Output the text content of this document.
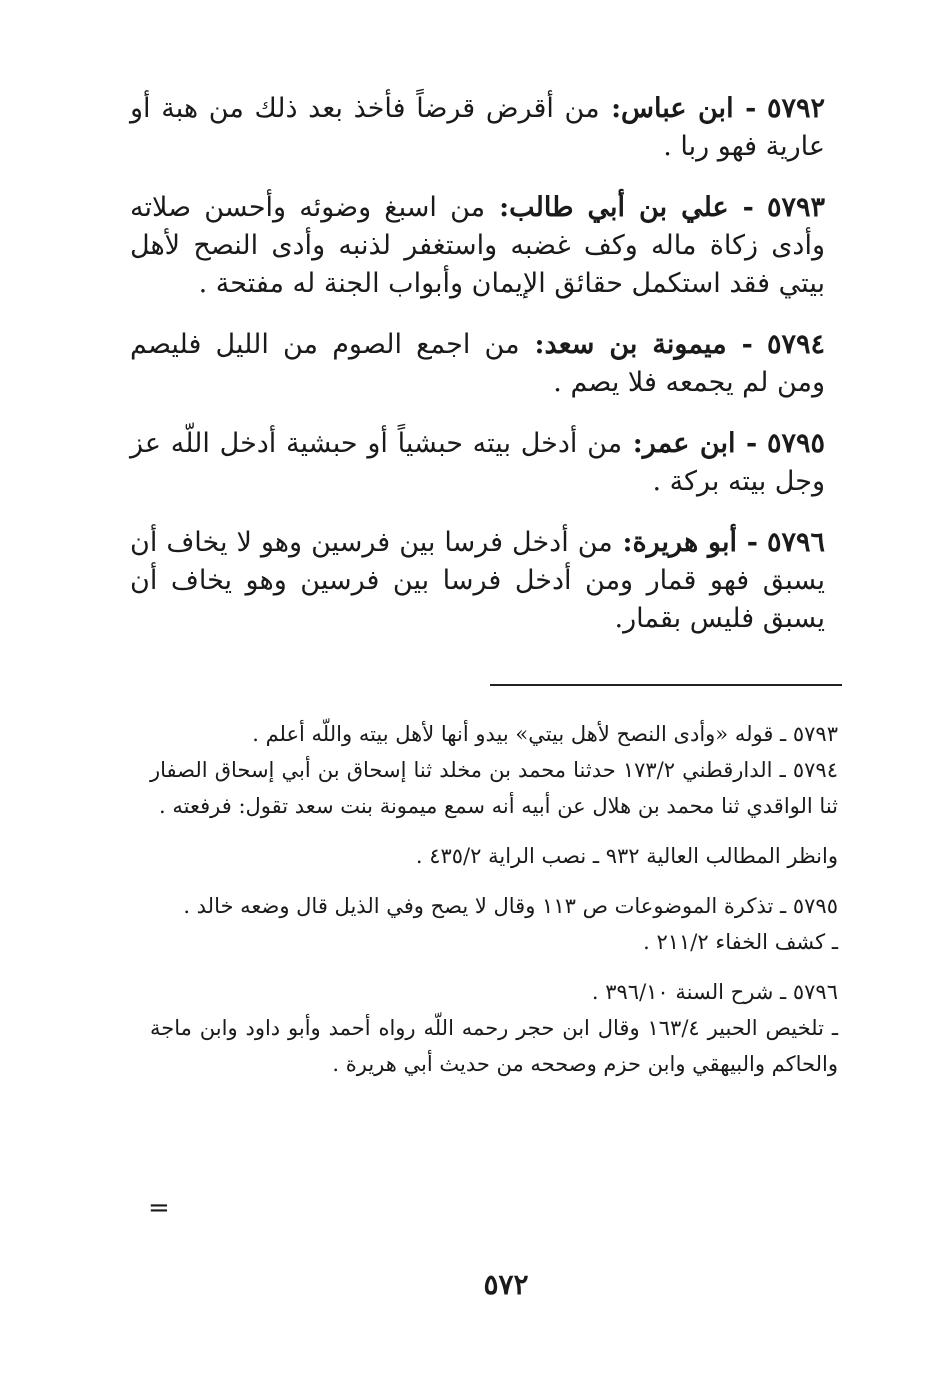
٥٧٩٢ - ابن عباس: من أقرض قرضاً فأخذ بعد ذلك من هبة أو عارية فهو ربا .

٥٧٩٣ - علي بن أبي طالب: من اسبغ وضوئه وأحسن صلاته وأدى زكاة ماله وكف غضبه واستغفر لذنبه وأدى النصح لأهل بيتي فقد استكمل حقائق الإيمان وأبواب الجنة له مفتحة .

٥٧٩٤ - ميمونة بن سعد: من اجمع الصوم من الليل فليصم ومن لم يجمعه فلا يصم .

٥٧٩٥ - ابن عمر: من أدخل بيته حبشياً أو حبشية أدخل اللّه عز وجل بيته بركة .

٥٧٩٦ - أبو هريرة: من أدخل فرسا بين فرسين وهو لا يخاف أن يسبق فهو قمار ومن أدخل فرسا بين فرسين وهو يخاف أن يسبق فليس بقمار.

٥٧٩٣ ـ قوله «وأدى النصح لأهل بيتي» بيدو أنها لأهل بيته واللّه أعلم .

٥٧٩٤ ـ الدارقطني ١٧٣/٢ حدثنا محمد بن مخلد ثنا إسحاق بن أبي إسحاق الصفار ثنا الواقدي ثنا محمد بن هلال عن أبيه أنه سمع ميمونة بنت سعد تقول: فرفعته .

وانظر المطالب العالية ٩٣٢ ـ نصب الراية ٤٣٥/٢ .

٥٧٩٥ ـ تذكرة الموضوعات ص ١١٣ وقال لا يصح وفي الذيل قال وضعه خالد .

ـ كشف الخفاء ٢١١/٢ .

٥٧٩٦ ـ شرح السنة ٣٩٦/١٠ .

ـ تلخيص الحبير ١٦٣/٤ وقال ابن حجر رحمه اللّه رواه أحمد وأبو داود وابن ماجة والحاكم والبيهقي وابن حزم وصححه من حديث أبي هريرة .

=
٥٧٢
